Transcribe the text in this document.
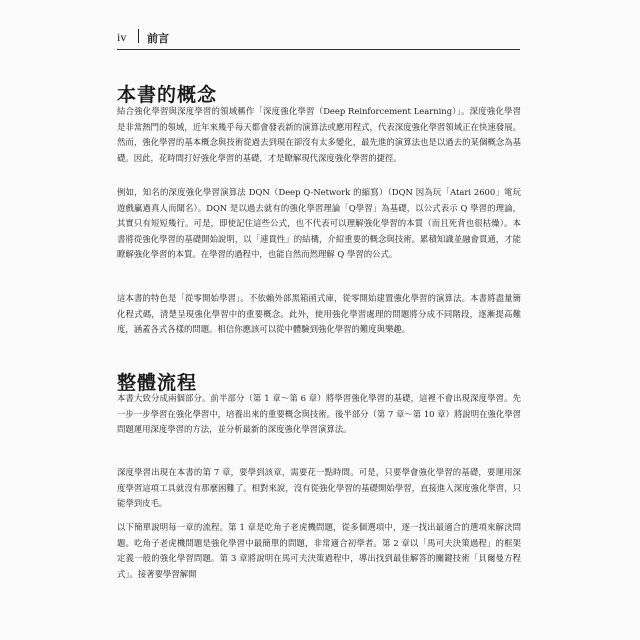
iv 前言
本書的概念

結合強化學習與深度學習的領域稱作「深度強化學習（Deep Reinforcement Learning）」。深度強化學習是非常熱門的領域，近年來幾乎每天都會發表新的演算法或應用程式，代表深度強化學習領域正在快速發展。然而，強化學習的基本概念與技術從過去到現在卻沒有太多變化，最先進的演算法也是以過去的某個概念為基礎。因此，花時間打好強化學習的基礎，才是瞭解現代深度強化學習的捷徑。

例如，知名的深度強化學習演算法 DQN（Deep Q-Network 的縮寫）（DQN 因為玩「Atari 2600」電玩遊戲贏過真人而聞名）。DQN 是以過去就有的強化學習理論「Q學習」為基礎，以公式表示 Q 學習的理論，其實只有短短幾行。可是，即使記住這些公式，也不代表可以理解強化學習的本質（而且死背也很枯燥）。本書將從強化學習的基礎開始說明，以「連貫性」的結構，介紹重要的概念與技術。累積知識並融會貫通，才能瞭解強化學習的本質。在學習的過程中，也能自然而然理解 Q 學習的公式。

這本書的特色是「從零開始學習」。不依賴外部黑箱函式庫，從零開始建置強化學習的演算法。本書將盡量簡化程式碼，清楚呈現強化學習中的重要概念。此外，使用強化學習處理的問題將分成不同階段，逐漸提高難度，涵蓋各式各樣的問題。相信你應該可以從中體驗到強化學習的難度與樂趣。

整體流程

本書大致分成兩個部分。前半部分（第 1 章～第 6 章）將學習強化學習的基礎，這裡不會出現深度學習。先一步一步學習在強化學習中，培養出來的重要概念與技術。後半部分（第 7 章～第 10 章）將說明在強化學習問題運用深度學習的方法，並分析最新的深度強化學習演算法。

深度學習出現在本書的第 7 章，要學到該章，需要花一點時間。可是，只要學會強化學習的基礎，要運用深度學習這項工具就沒有那麼困難了。相對來說，沒有從強化學習的基礎開始學習，直接進入深度強化學習，只能學到皮毛。

以下簡單說明每一章的流程。第 1 章是吃角子老虎機問題，從多個選項中，逐一找出最適合的選項來解決問題。吃角子老虎機問題是強化學習中最簡單的問題，非常適合初學者。第 2 章以「馬可夫決策過程」的框架定義一般的強化學習問題。第 3 章將說明在馬可夫決策過程中，導出找到最佳解答的關鍵技術「貝爾曼方程式」。接著要學習解開
